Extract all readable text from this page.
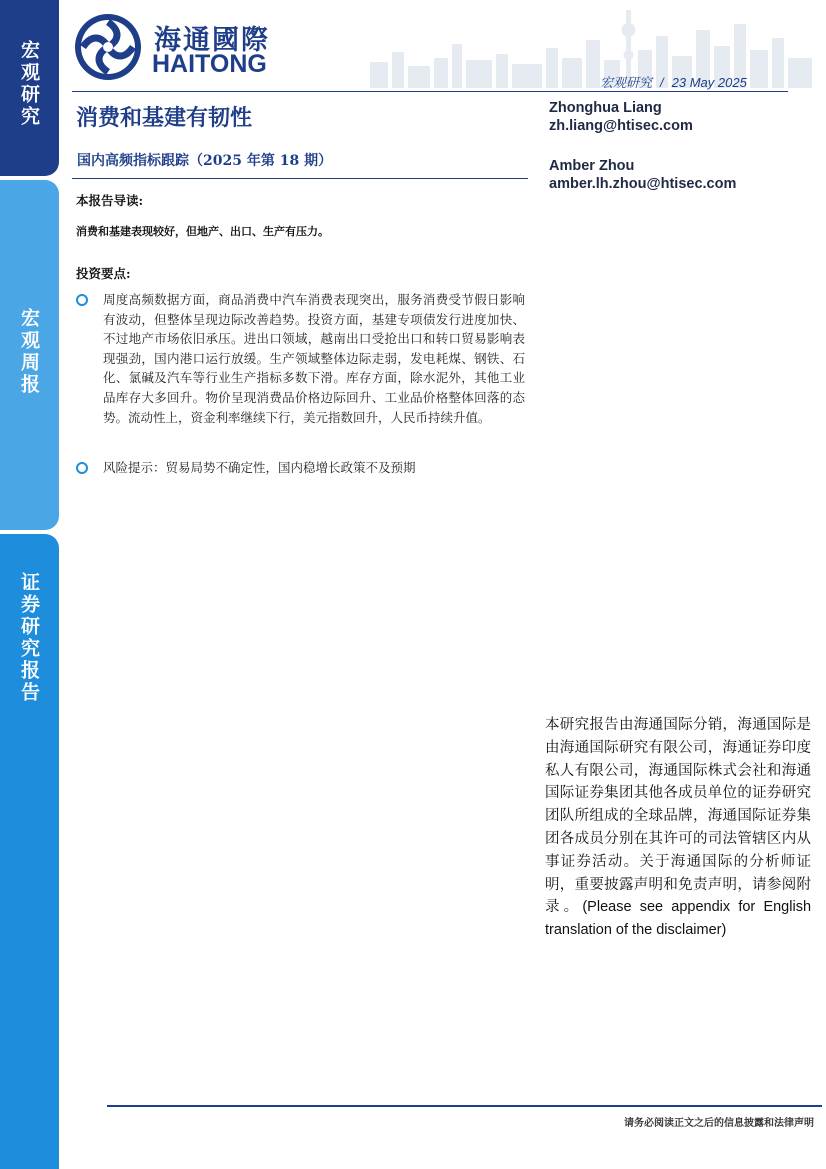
宏观研究
宏观周报
证券研究报告
海通國際
HAITONG
宏观研究 / 23 May 2025
消费和基建有韧性
国内高频指标跟踪（2025 年第 18 期）
本报告导读:
消费和基建表现较好，但地产、出口、生产有压力。
投资要点:
周度高频数据方面，商品消费中汽车消费表现突出，服务消费受节假日影响有波动，但整体呈现边际改善趋势。投资方面，基建专项债发行进度加快、不过地产市场依旧承压。进出口领域，越南出口受抢出口和转口贸易影响表现强劲，国内港口运行放缓。生产领域整体边际走弱，发电耗煤、钢铁、石化、氯碱及汽车等行业生产指标多数下滑。库存方面，除水泥外，其他工业品库存大多回升。物价呈现消费品价格边际回升、工业品价格整体回落的态势。流动性上，资金利率继续下行，美元指数回升，人民币持续升值。
风险提示：贸易局势不确定性，国内稳增长政策不及预期
Zhonghua Liang
zh.liang@htisec.com
Amber Zhou
amber.lh.zhou@htisec.com
本研究报告由海通国际分销，海通国际是由海通国际研究有限公司，海通证券印度私人有限公司，海通国际株式会社和海通国际证券集团其他各成员单位的证券研究团队所组成的全球品牌，海通国际证券集团各成员分别在其许可的司法管辖区内从事证券活动。关于海通国际的分析师证明，重要披露声明和免责声明，请参阅附录。(Please see appendix for English translation of the disclaimer)
请务必阅读正文之后的信息披露和法律声明
